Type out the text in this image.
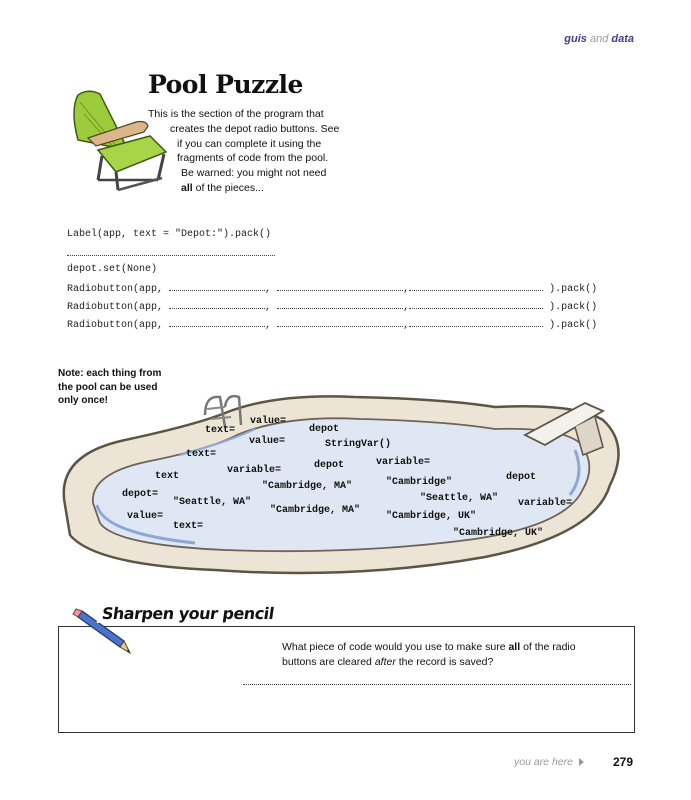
guis and data
Pool Puzzle
This is the section of the program that
creates the depot radio buttons. See
if you can complete it using the
fragments of code from the pool.
Be warned: you might not need
all of the pieces...
Label(app, text = "Depot:").pack()
depot.set(None)
Radiobutton(app,	,	,	).pack()
Radiobutton(app,	,	,	).pack()
Radiobutton(app,	,	,	).pack()
Note: each thing from
the pool can be used
only once!
value=
text=	depot
value=	StringVar()
text=
depot	variable=
text
variable=
"Cambridge"	depot
"Cambridge, MA"
depot=
"Seattle, WA"	"Seattle, WA" variable=
"Cambridge, MA"
value=	"Cambridge, UK"
text=
"Cambridge, UK"
Sharpen your pencil
What piece of code would you use to make sure all of the radio
buttons are cleared after the record is saved?
you are here	279
